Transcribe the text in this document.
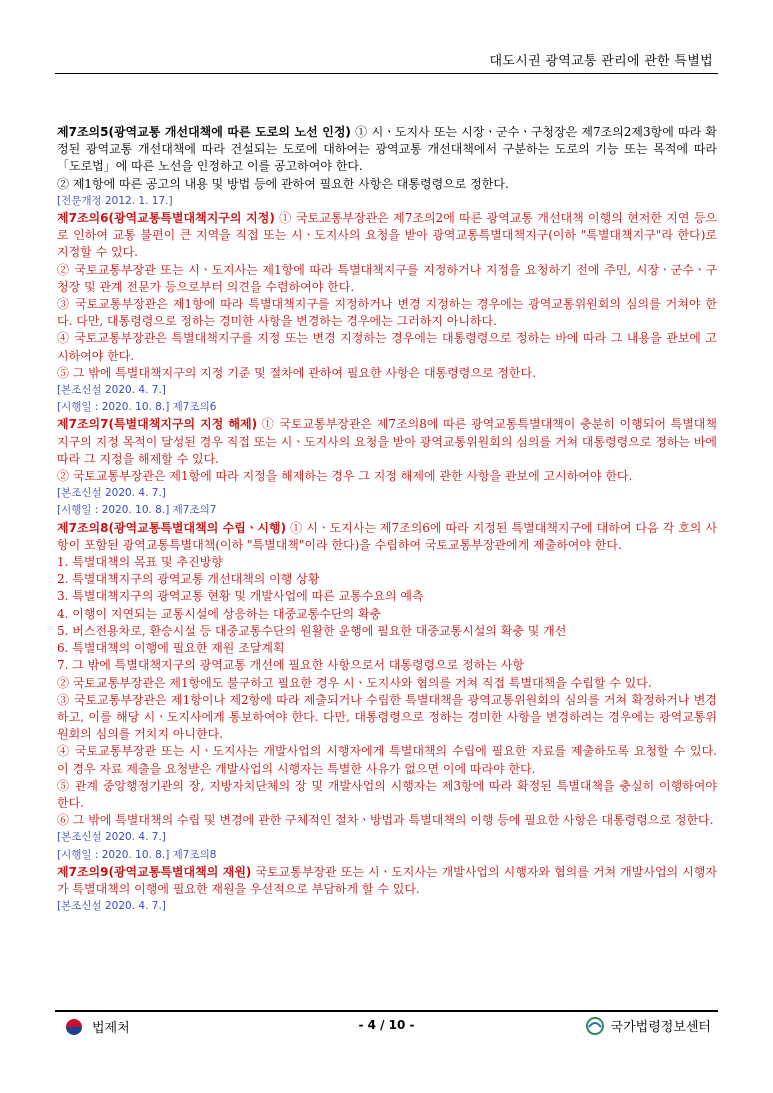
대도시권 광역교통 관리에 관한 특별법

제7조의5(광역교통 개선대책에 따른 도로의 노선 인정) ① 시ㆍ도지사 또는 시장ㆍ군수ㆍ구청장은 제7조의2제3항에 따라 확정된 광역교통 개선대책에 따라 건설되는 도로에 대하여는 광역교통 개선대책에서 구분하는 도로의 기능 또는 목적에 따라 「도로법」에 따른 노선을 인정하고 이를 공고하여야 한다.

② 제1항에 따른 공고의 내용 및 방법 등에 관하여 필요한 사항은 대통령령으로 정한다.

[전문개정 2012. 1. 17.]

제7조의6(광역교통특별대책지구의 지정) ① 국토교통부장관은 제7조의2에 따른 광역교통 개선대책 이행의 현저한 지연 등으로 인하여 교통 불편이 큰 지역을 직접 또는 시ㆍ도지사의 요청을 받아 광역교통특별대책지구(이하 "특별대책지구"라 한다)로 지정할 수 있다.

② 국토교통부장관 또는 시ㆍ도지사는 제1항에 따라 특별대책지구를 지정하거나 지정을 요청하기 전에 주민, 시장ㆍ군수ㆍ구청장 및 관계 전문가 등으로부터 의견을 수렴하여야 한다.

③ 국토교통부장관은 제1항에 따라 특별대책지구를 지정하거나 변경 지정하는 경우에는 광역교통위원회의 심의를 거쳐야 한다. 다만, 대통령령으로 정하는 경미한 사항을 변경하는 경우에는 그러하지 아니하다.

④ 국토교통부장관은 특별대책지구를 지정 또는 변경 지정하는 경우에는 대통령령으로 정하는 바에 따라 그 내용을 관보에 고시하여야 한다.

⑤ 그 밖에 특별대책지구의 지정 기준 및 절차에 관하여 필요한 사항은 대통령령으로 정한다.

[본조신설 2020. 4. 7.]

[시행일 : 2020. 10. 8.] 제7조의6

제7조의7(특별대책지구의 지정 해제) ① 국토교통부장관은 제7조의8에 따른 광역교통특별대책이 충분히 이행되어 특별대책지구의 지정 목적이 달성된 경우 직접 또는 시ㆍ도지사의 요청을 받아 광역교통위원회의 심의를 거쳐 대통령령으로 정하는 바에 따라 그 지정을 해제할 수 있다.

② 국토교통부장관은 제1항에 따라 지정을 해제하는 경우 그 지정 해제에 관한 사항을 관보에 고시하여야 한다.

[본조신설 2020. 4. 7.]

[시행일 : 2020. 10. 8.] 제7조의7

제7조의8(광역교통특별대책의 수립ㆍ시행) ① 시ㆍ도지사는 제7조의6에 따라 지정된 특별대책지구에 대하여 다음 각 호의 사항이 포함된 광역교통특별대책(이하 "특별대책"이라 한다)을 수립하여 국토교통부장관에게 제출하여야 한다.

1. 특별대책의 목표 및 추진방향

2. 특별대책지구의 광역교통 개선대책의 이행 상황

3. 특별대책지구의 광역교통 현황 및 개발사업에 따른 교통수요의 예측

4. 이행이 지연되는 교통시설에 상응하는 대중교통수단의 확충

5. 버스전용차로, 환승시설 등 대중교통수단의 원활한 운행에 필요한 대중교통시설의 확충 및 개선

6. 특별대책의 이행에 필요한 재원 조달계획

7. 그 밖에 특별대책지구의 광역교통 개선에 필요한 사항으로서 대통령령으로 정하는 사항

② 국토교통부장관은 제1항에도 불구하고 필요한 경우 시ㆍ도지사와 협의를 거쳐 직접 특별대책을 수립할 수 있다.

③ 국토교통부장관은 제1항이나 제2항에 따라 제출되거나 수립한 특별대책을 광역교통위원회의 심의를 거쳐 확정하거나 변경하고, 이를 해당 시ㆍ도지사에게 통보하여야 한다. 다만, 대통령령으로 정하는 경미한 사항을 변경하려는 경우에는 광역교통위원회의 심의를 거치지 아니한다.

④ 국토교통부장관 또는 시ㆍ도지사는 개발사업의 시행자에게 특별대책의 수립에 필요한 자료를 제출하도록 요청할 수 있다. 이 경우 자료 제출을 요청받은 개발사업의 시행자는 특별한 사유가 없으면 이에 따라야 한다.

⑤ 관계 중앙행정기관의 장, 지방자치단체의 장 및 개발사업의 시행자는 제3항에 따라 확정된 특별대책을 충실히 이행하여야 한다.

⑥ 그 밖에 특별대책의 수립 및 변경에 관한 구체적인 절차ㆍ방법과 특별대책의 이행 등에 필요한 사항은 대통령령으로 정한다.

[본조신설 2020. 4. 7.]

[시행일 : 2020. 10. 8.] 제7조의8

제7조의9(광역교통특별대책의 재원) 국토교통부장관 또는 시ㆍ도지사는 개발사업의 시행자와 협의를 거쳐 개발사업의 시행자가 특별대책의 이행에 필요한 재원을 우선적으로 부담하게 할 수 있다.

[본조신설 2020. 4. 7.]

법제처	- 4 / 10 -	국가법령정보센터
